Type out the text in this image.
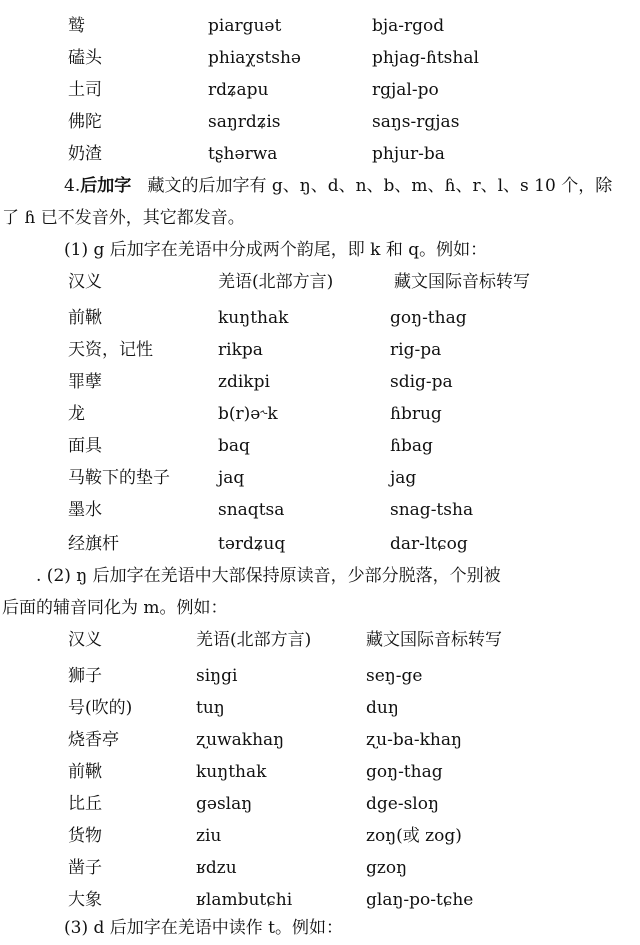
鹫	piarguət	bja-rgod
磕头	phiaχstshə	phjag-ɦtshal
土司	rdʑapu	rgjal-po
佛陀	saŋrdʑis	saŋs-rgjas
奶渣	tʂhərwa	phjur-ba
4.后加字 藏文的后加字有 g、ŋ、d、n、b、m、ɦ、r、l、s 10 个，除
了 ɦ 已不发音外，其它都发音。
(1) g 后加字在羌语中分成两个韵尾，即 k 和 q。例如：
汉义	羌语(北部方言)	藏文国际音标转写
前鞦	kuŋthak	goŋ-thag
天资，记性	rikpa	rig-pa
罪孽	zdikpi	sdig-pa
龙	b(r)ə˞k	ɦbrug
面具	baq	ɦbag
马鞍下的垫子	jaq	jag
墨水	snaqtsa	snag-tsha
经旗杆	tərdʑuq	dar-ltɕog
. (2) ŋ 后加字在羌语中大部保持原读音，少部分脱落，个别被
后面的辅音同化为 m。例如：
汉义	羌语(北部方言)	藏文国际音标转写
狮子	siŋgi	seŋ-ge
号(吹的)	tuŋ	duŋ
烧香亭	ʐuwakhaŋ	ʐu-ba-khaŋ
前鞦	kuŋthak	goŋ-thag
比丘	gəslaŋ	dge-sloŋ
货物	ziu	zoŋ(或 zog)
凿子	ʁdzu	gzoŋ
大象	ʁlambutɕhi	glaŋ-po-tɕhe
(3) d 后加字在羌语中读作 t。例如：
